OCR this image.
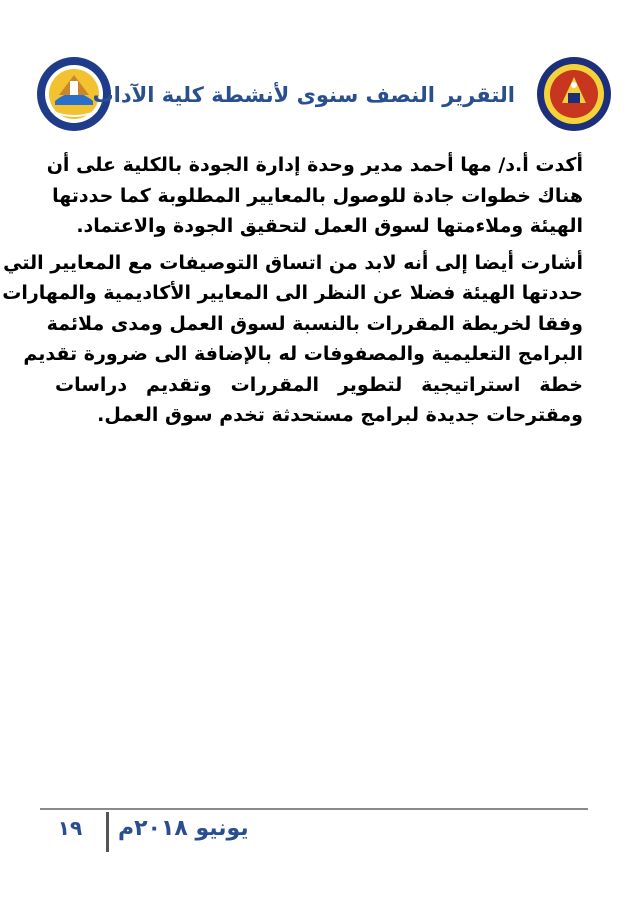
التقرير النصف سنوى لأنشطة كلية الآداب

أكدت أ.د/ مها أحمد مدير وحدة إدارة الجودة بالكلية على أن
هناك خطوات جادة للوصول بالمعايير المطلوبة كما حددتها
الهيئة وملاءمتها لسوق العمل لتحقيق الجودة والاعتماد.

أشارت أيضا إلى أنه لابد من اتساق التوصيفات مع المعايير التي
حددتها الهيئة فضلا عن النظر الى المعايير الأكاديمية والمهارات
وفقا لخريطة المقررات بالنسبة لسوق العمل ومدى ملائمة
البرامج التعليمية والمصفوفات له بالإضافة الى ضرورة تقديم
خطة استراتيجية لتطوير المقررات وتقديم دراسات
ومقترحات جديدة لبرامج مستحدثة تخدم سوق العمل.

١٩	يونيو ٢٠١٨م
